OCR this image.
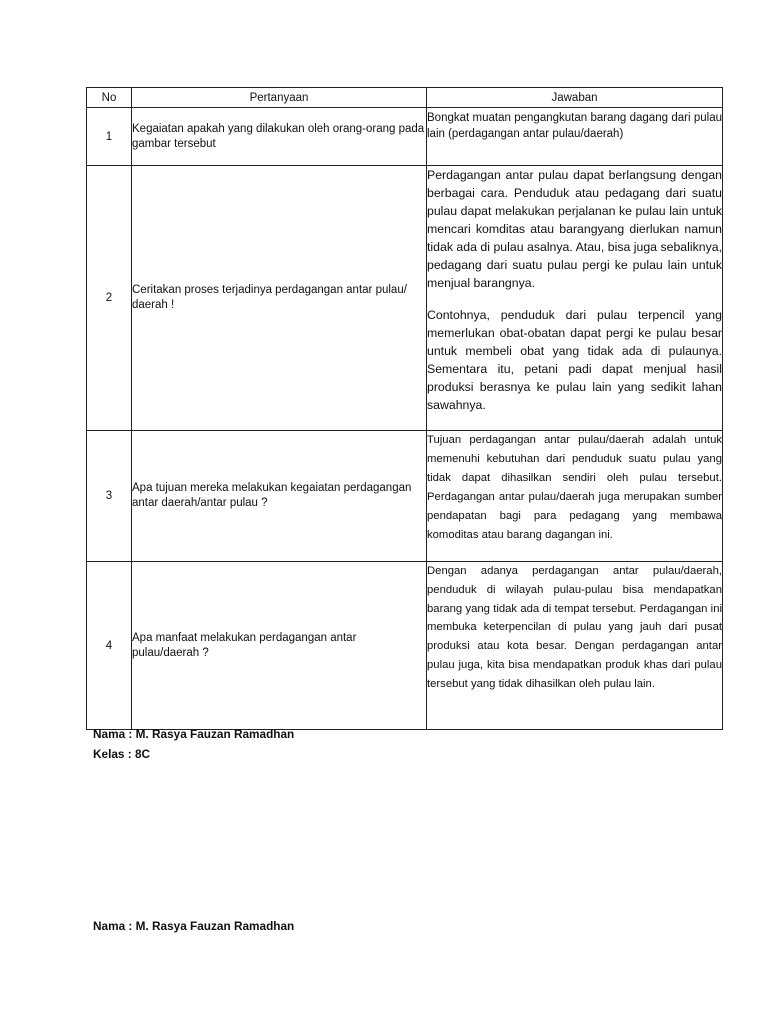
No	Pertanyaan	Jawaban
1	Kegaiatan apakah yang dilakukan oleh orang-orang pada gambar tersebut	Bongkat muatan pengangkutan barang dagang dari pulau lain (perdagangan antar pulau/daerah)

2	Ceritakan proses terjadinya perdagangan antar pulau/ daerah !	Perdagangan antar pulau dapat berlangsung dengan berbagai cara. Penduduk atau pedagang dari suatu pulau dapat melakukan perjalanan ke pulau lain untuk mencari komditas atau barangyang dierlukan namun tidak ada di pulau asalnya. Atau, bisa juga sebaliknya, pedagang dari suatu pulau pergi ke pulau lain untuk menjual barangnya.
Contohnya, penduduk dari pulau terpencil yang memerlukan obat-obatan dapat pergi ke pulau besar untuk membeli obat yang tidak ada di pulaunya. Sementara itu, petani padi dapat menjual hasil produksi berasnya ke pulau lain yang sedikit lahan sawahnya.

3	Apa tujuan mereka melakukan kegaiatan perdagangan antar daerah/antar pulau ?	Tujuan perdagangan antar pulau/daerah adalah untuk memenuhi kebutuhan dari penduduk suatu pulau yang tidak dapat dihasilkan sendiri oleh pulau tersebut. Perdagangan antar pulau/daerah juga merupakan sumber pendapatan bagi para pedagang yang membawa komoditas atau barang dagangan ini.

4	Apa manfaat melakukan perdagangan antar pulau/daerah ?	Dengan adanya perdagangan antar pulau/daerah, penduduk di wilayah pulau-pulau bisa mendapatkan barang yang tidak ada di tempat tersebut. Perdagangan ini membuka keterpencilan di pulau yang jauh dari pusat produksi atau kota besar. Dengan perdagangan antar pulau juga, kita bisa mendapatkan produk khas dari pulau tersebut yang tidak dihasilkan oleh pulau lain.
Nama : M. Rasya Fauzan Ramadhan
Kelas : 8C
Nama : M. Rasya Fauzan Ramadhan
